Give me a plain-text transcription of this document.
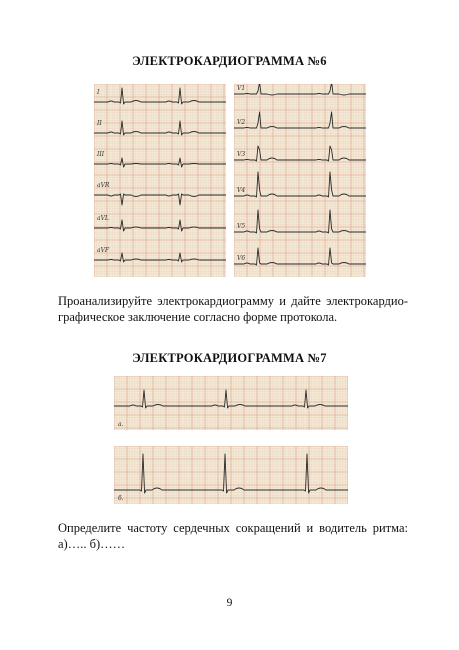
ЭЛЕКТРОКАРДИОГРАММА №6
I
II
III
aVR
aVL
aVF
V1
V2
V3
V4
V5
V6
Проанализируйте электрокардиограмму и дайте электрокардио-
графическое заключение согласно форме протокола.
ЭЛЕКТРОКАРДИОГРАММА №7
а.
б.
Определите частоту сердечных сокращений и водитель ритма:
а)….. б)……
9
